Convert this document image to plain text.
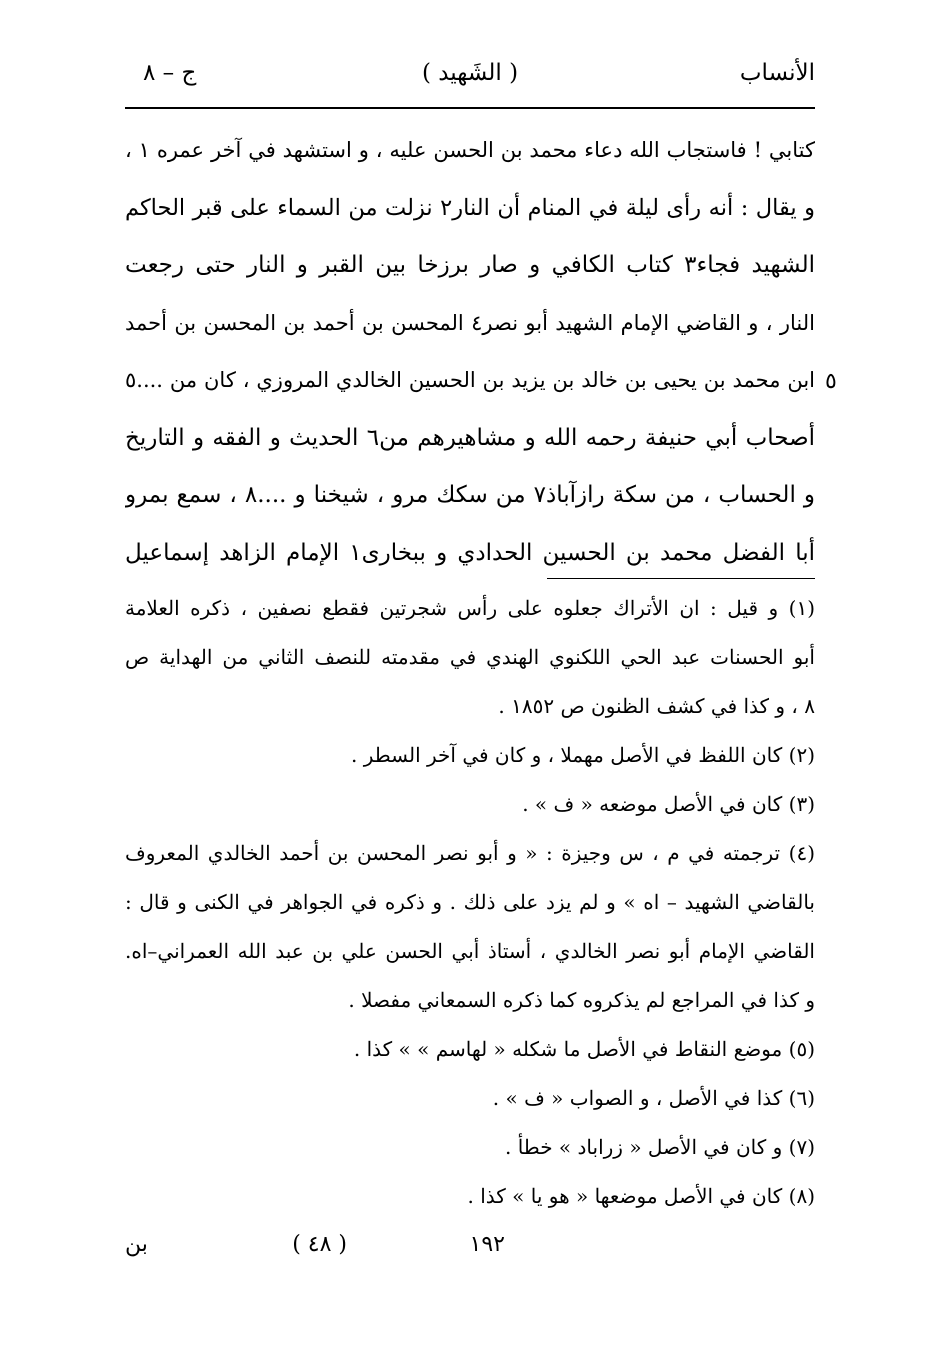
الأنساب
( الشَهيد )
ج – ٨
كتابي ! فاستجاب الله دعاء محمد بن الحسن عليه ، و استشهد في آخر عمره ١ ،
و يقال : أنه رأى ليلة في المنام أن النار٢ نزلت من السماء على قبر الحاكم
الشهيد فجاء٣ كتاب الكافي و صار برزخا بين القبر و النار حتى رجعت
النار ، و القاضي الإمام الشهيد أبو نصر٤ المحسن بن أحمد بن المحسن بن أحمد
ابن محمد بن يحيى بن خالد بن يزيد بن الحسين الخالدي المروزي ، كان من ....٥
أصحاب أبي حنيفة رحمه الله و مشاهيرهم من٦ الحديث و الفقه و التاريخ
و الحساب ، من سكة رازآباذ٧ من سكك مرو ، شيخنا و ....٨ ، سمع بمرو
أبا الفضل محمد بن الحسين الحدادي و ببخارى١ الإمام الزاهد إسماعيل
٥
(١) و قيل : ان الأتراك جعلوه على رأس شجرتين فقطع نصفين ، ذكره العلامة
أبو الحسنات عبد الحي اللكنوي الهندي في مقدمته للنصف الثاني من الهداية ص
٨ ، و كذا في كشف الظنون ص ١٨٥٢ .
(٢) كان اللفظ في الأصل مهملا ، و كان في آخر السطر .
(٣) كان في الأصل موضعه « ف » .
(٤) ترجمته في م ، س وجيزة : « و أبو نصر المحسن بن أحمد الخالدي المعروف
بالقاضي الشهيد – اه » و لم يزد على ذلك . و ذكره في الجواهر في الكنى و قال :
القاضي الإمام أبو نصر الخالدي ، أستاذ أبي الحسن علي بن عبد الله العمراني–اه.
و كذا في المراجع لم يذكروه كما ذكره السمعاني مفصلا .
(٥) موضع النقاط في الأصل ما شكله « لهاسم » » كذا .
(٦) كذا في الأصل ، و الصواب « ف » .
(٧) و كان في الأصل « زراباد » خطأ .
(٨) كان في الأصل موضعها « هو يا » كذا .
١٩٢
( ٤٨ )
بن
